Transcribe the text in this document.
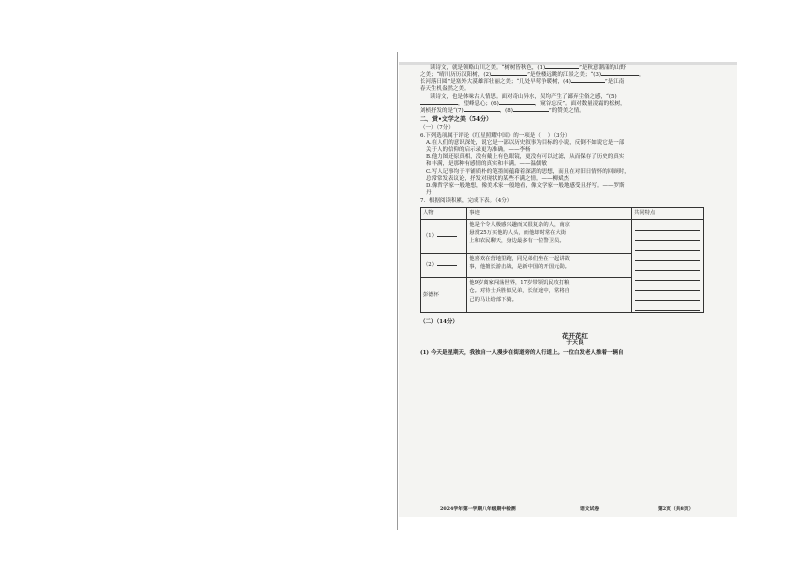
读诗文，就是领略山川之美。“树树皆秋色，(1)	”是秋意潮漾的山野
之美；“晴川历历汉阳树，(2)	”是登楼远眺的江景之美；“(3)	，
长河落日圆”是塞外大漠雄浑壮丽之美；“几处早莺争暖树，(4)	”是江南
春天生机盎然之美。
读诗文，也是体味古人情思。面对奇山异水，吴均产生了鄙弃尘俗之感，“(5)
，望峰息心；(6)	，窥谷忘反”。面对数量凌霜的松树，
刘桢抒发的是“(7)	，(8)	”的赞美之情。
二、赏•文学之美（54分）
（一）（7分）
6.下列选项属于评论《红星照耀中国》的一项是（    ）（3分）
A.在人们的意识深处，说它是一部以历史叙事为目标的小说，反倒不如说它是一部
关于人的信仰的启示录更为准确。——李杨
B.他力图还原真相，没有戴上有色眼镜，更没有可以过滤，从而保存了历史的真实
和丰满，是那种有感情的真实和丰满。——温儒敏
C.写人记事均于平铺质朴的笔墨间蕴藉着深湛的思想，而且在对旧日情怀的回顾时，
总常常发表议论，抒发对现状的某些不满之情。——柳斌杰
D.像哲学家一般地想，像美术家一般地看，像文学家一般地感受且抒写。——罗斯
丹
7．根据阅读积累，完成下表。（4分）
人物	事迹	共同特点
（1）	他是个令人极感兴趣而又很复杂的人，南京
悬赏25万买他的人头，而他却时常在大街
上和农民聊天，身边最多有一位警卫员。	

（2）	他喜欢在营地里跑，同兄弟们坐在一起讲故
事，他擅长游击战，是新中国的开国元勋。	

彭德怀	他9岁离家闯荡世界，17岁带领饥民攻打粮
仓。对待士兵胜似兄弟，长征途中，常将自
己的马让给部下骑。	
（二）（14分）
花开花红
于天良
(1) 今天是星期天，我独自一人漫步在街道旁的人行道上。一位白发老人推着一辆自
2024学年第一学期八年级期中检测	语文试卷	第2页（共8页）
